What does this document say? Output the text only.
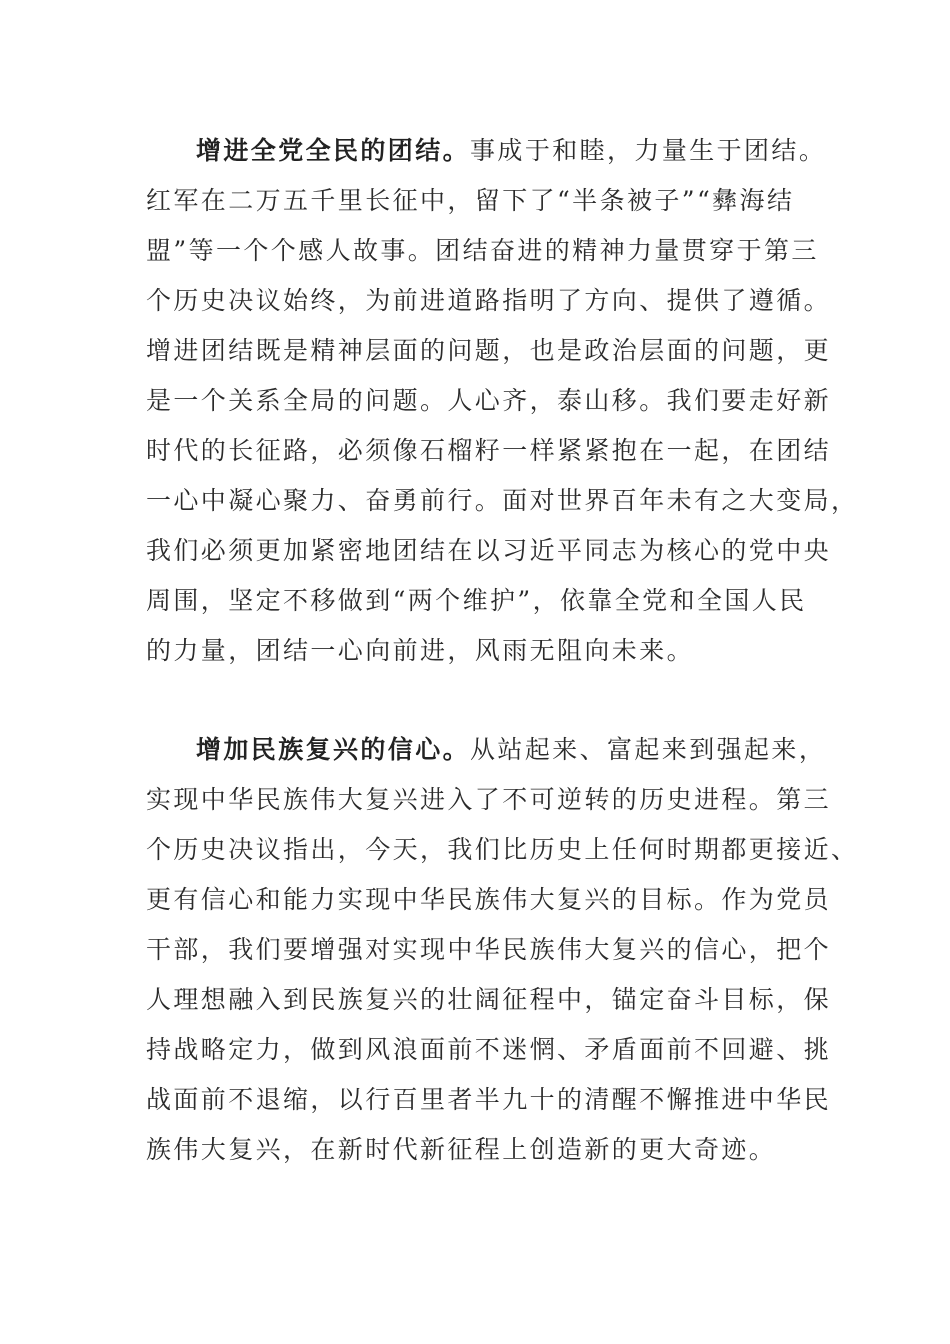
增进全党全民的团结。事成于和睦，力量生于团结。
红军在二万五千里长征中，留下了“半条被子”“彝海结
盟”等一个个感人故事。团结奋进的精神力量贯穿于第三
个历史决议始终，为前进道路指明了方向、提供了遵循。
增进团结既是精神层面的问题，也是政治层面的问题，更
是一个关系全局的问题。人心齐，泰山移。我们要走好新
时代的长征路，必须像石榴籽一样紧紧抱在一起，在团结
一心中凝心聚力、奋勇前行。面对世界百年未有之大变局，
我们必须更加紧密地团结在以习近平同志为核心的党中央
周围，坚定不移做到“两个维护”，依靠全党和全国人民
的力量，团结一心向前进，风雨无阻向未来。
增加民族复兴的信心。从站起来、富起来到强起来，
实现中华民族伟大复兴进入了不可逆转的历史进程。第三
个历史决议指出，今天，我们比历史上任何时期都更接近、
更有信心和能力实现中华民族伟大复兴的目标。作为党员
干部，我们要增强对实现中华民族伟大复兴的信心，把个
人理想融入到民族复兴的壮阔征程中，锚定奋斗目标，保
持战略定力，做到风浪面前不迷惘、矛盾面前不回避、挑
战面前不退缩，以行百里者半九十的清醒不懈推进中华民
族伟大复兴，在新时代新征程上创造新的更大奇迹。
